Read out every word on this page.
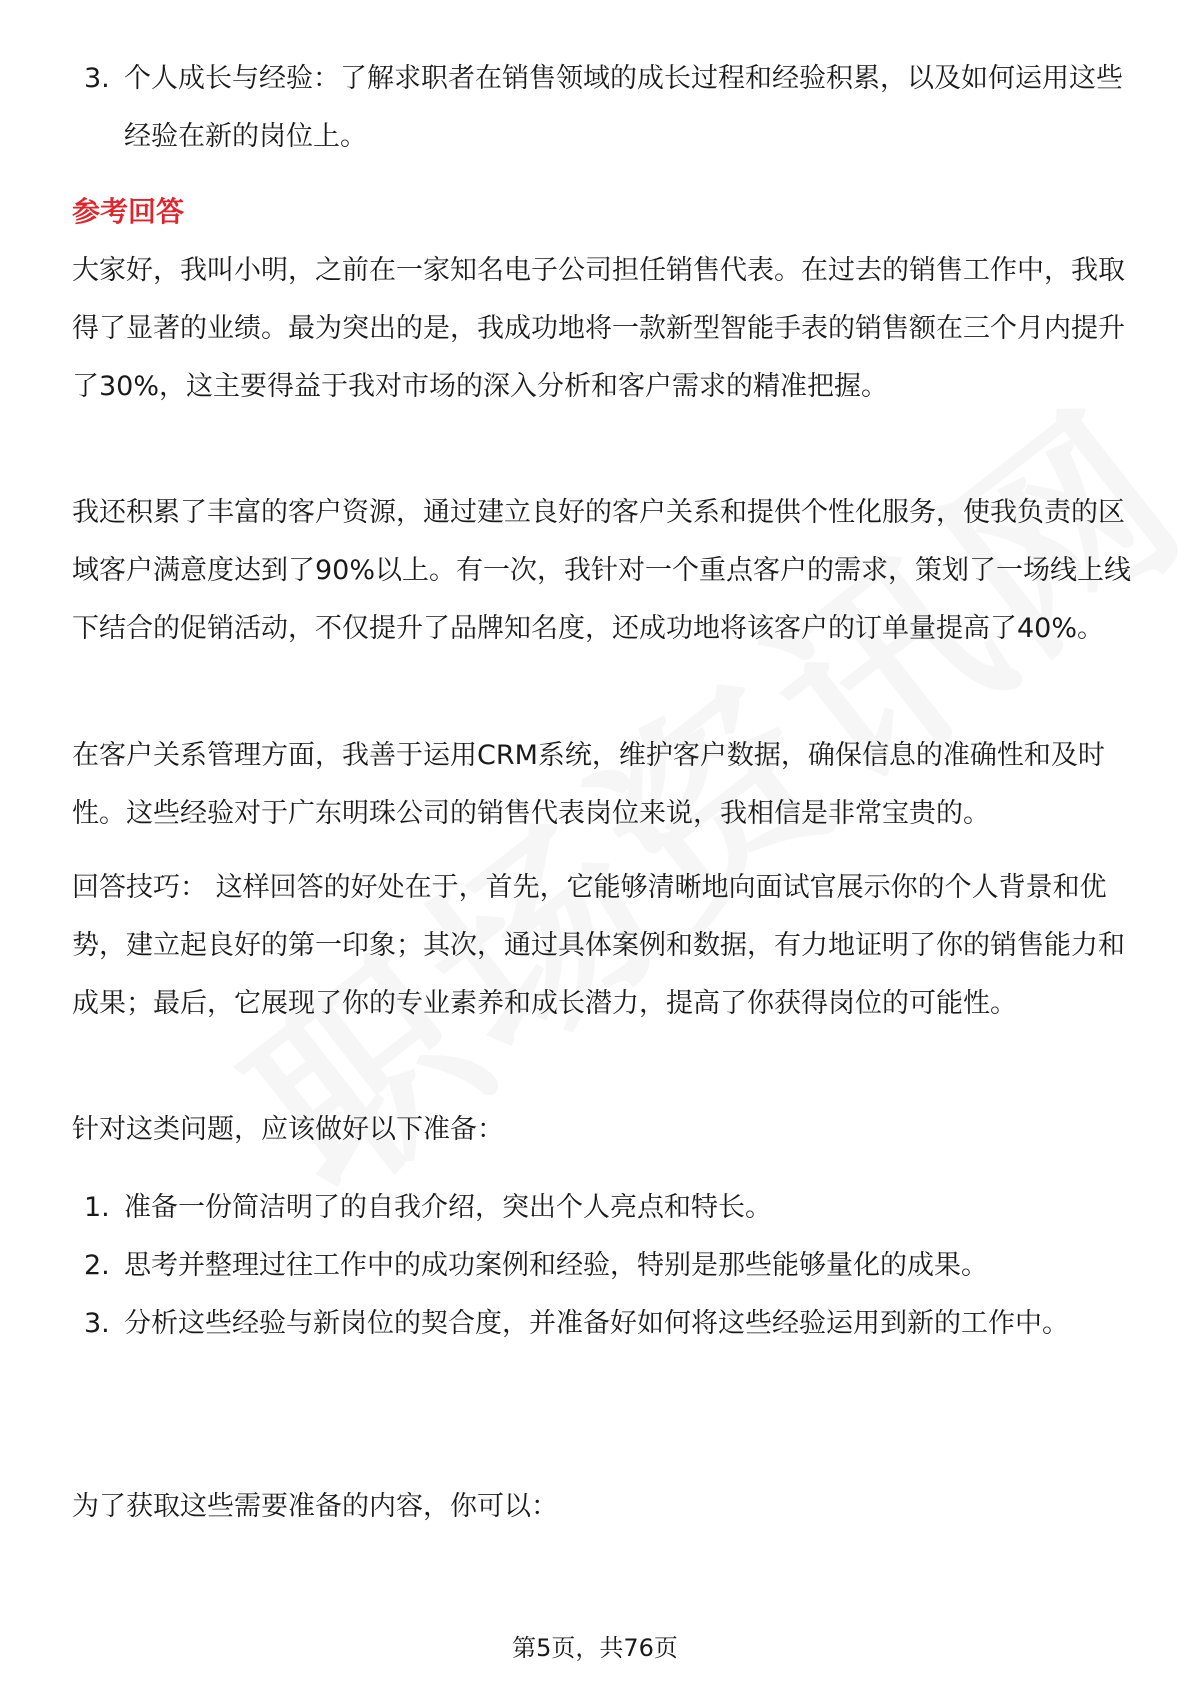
3. 个人成长与经验：了解求职者在销售领域的成长过程和经验积累，以及如何运用这些经验在新的岗位上。
参考回答
大家好，我叫小明，之前在一家知名电子公司担任销售代表。在过去的销售工作中，我取得了显著的业绩。最为突出的是，我成功地将一款新型智能手表的销售额在三个月内提升了30%，这主要得益于我对市场的深入分析和客户需求的精准把握。
我还积累了丰富的客户资源，通过建立良好的客户关系和提供个性化服务，使我负责的区域客户满意度达到了90%以上。有一次，我针对一个重点客户的需求，策划了一场线上线下结合的促销活动，不仅提升了品牌知名度，还成功地将该客户的订单量提高了40%。
在客户关系管理方面，我善于运用CRM系统，维护客户数据，确保信息的准确性和及时性。这些经验对于广东明珠公司的销售代表岗位来说，我相信是非常宝贵的。
回答技巧： 这样回答的好处在于，首先，它能够清晰地向面试官展示你的个人背景和优势，建立起良好的第一印象；其次，通过具体案例和数据，有力地证明了你的销售能力和成果；最后，它展现了你的专业素养和成长潜力，提高了你获得岗位的可能性。
针对这类问题，应该做好以下准备：
1. 准备一份简洁明了的自我介绍，突出个人亮点和特长。
2. 思考并整理过往工作中的成功案例和经验，特别是那些能够量化的成果。
3. 分析这些经验与新岗位的契合度，并准备好如何将这些经验运用到新的工作中。
为了获取这些需要准备的内容，你可以：
第5页，共76页
